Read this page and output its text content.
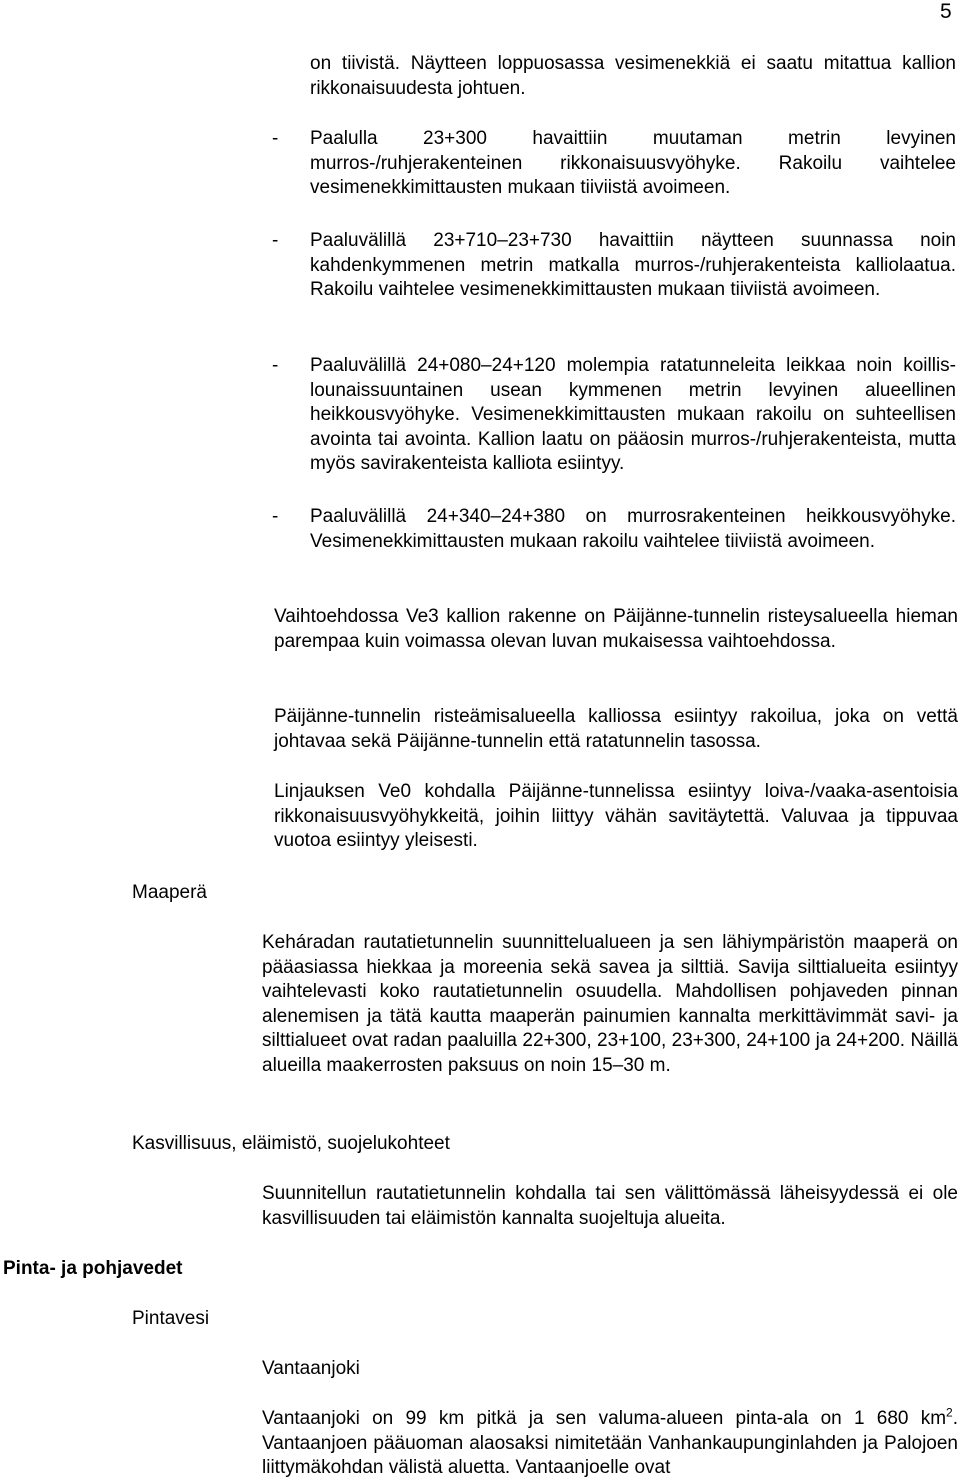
5

on tiivistä. Näytteen loppuosassa vesimenekkiä ei saatu mitattua kallion rikkonaisuudesta johtuen.

- Paalulla 23+300 havaittiin muutaman metrin levyinen murros-/ruhjerakenteinen rikkonaisuusvyöhyke. Rakoilu vaihtelee vesimenekkimittausten mukaan tiiviistä avoimeen.

- Paaluvälillä 23+710–23+730 havaittiin näytteen suunnassa noin kahdenkymmenen metrin matkalla murros-/ruhjerakenteista kalliolaatua. Rakoilu vaihtelee vesimenekkimittausten mukaan tiiviistä avoimeen.

- Paaluvälillä 24+080–24+120 molempia ratatunneleita leikkaa noin koillis-lounaissuuntainen usean kymmenen metrin levyinen alueellinen heikkousvyöhyke. Vesimenekkimittausten mukaan rakoilu on suhteellisen avointa tai avointa. Kallion laatu on pääosin murros-/ruhjerakenteista, mutta myös savirakenteista kalliota esiintyy.

- Paaluvälillä 24+340–24+380 on murrosrakenteinen heikkousvyöhyke. Vesimenekkimittausten mukaan rakoilu vaihtelee tiiviistä avoimeen.

Vaihtoehdossa Ve3 kallion rakenne on Päijänne-tunnelin risteysalueella hieman parempaa kuin voimassa olevan luvan mukaisessa vaihtoehdossa.

Päijänne-tunnelin risteämisalueella kalliossa esiintyy rakoilua, joka on vettä johtavaa sekä Päijänne-tunnelin että ratatunnelin tasossa.

Linjauksen Ve0 kohdalla Päijänne-tunnelissa esiintyy loiva-/vaaka-asentoisia rikkonaisuusvyöhykkeitä, joihin liittyy vähän savitäytettä. Valuvaa ja tippuvaa vuotoa esiintyy yleisesti.

Maaperä

Keháradan rautatietunnelin suunnittelualueen ja sen lähiympäristön maaperä on pääasiassa hiekkaa ja moreenia sekä savea ja silttiä. Savija silttialueita esiintyy vaihtelevasti koko rautatietunnelin osuudella. Mahdollisen pohjaveden pinnan alenemisen ja tätä kautta maaperän painumien kannalta merkittävimmät savi- ja silttialueet ovat radan paaluilla 22+300, 23+100, 23+300, 24+100 ja 24+200. Näillä alueilla maakerrosten paksuus on noin 15–30 m.

Kasvillisuus, eläimistö, suojelukohteet

Suunnitellun rautatietunnelin kohdalla tai sen välittömässä läheisyydessä ei ole kasvillisuuden tai eläimistön kannalta suojeltuja alueita.

Pinta- ja pohjavedet
Pintavesi
Vantaanjoki

Vantaanjoki on 99 km pitkä ja sen valuma-alueen pinta-ala on 1 680 $km^2$. Vantaanjoen pääuoman alaosaksi nimitetään Vanhankaupunginlahden ja Palojoen liittymäkohdan välistä aluetta. Vantaanjoelle ovat
